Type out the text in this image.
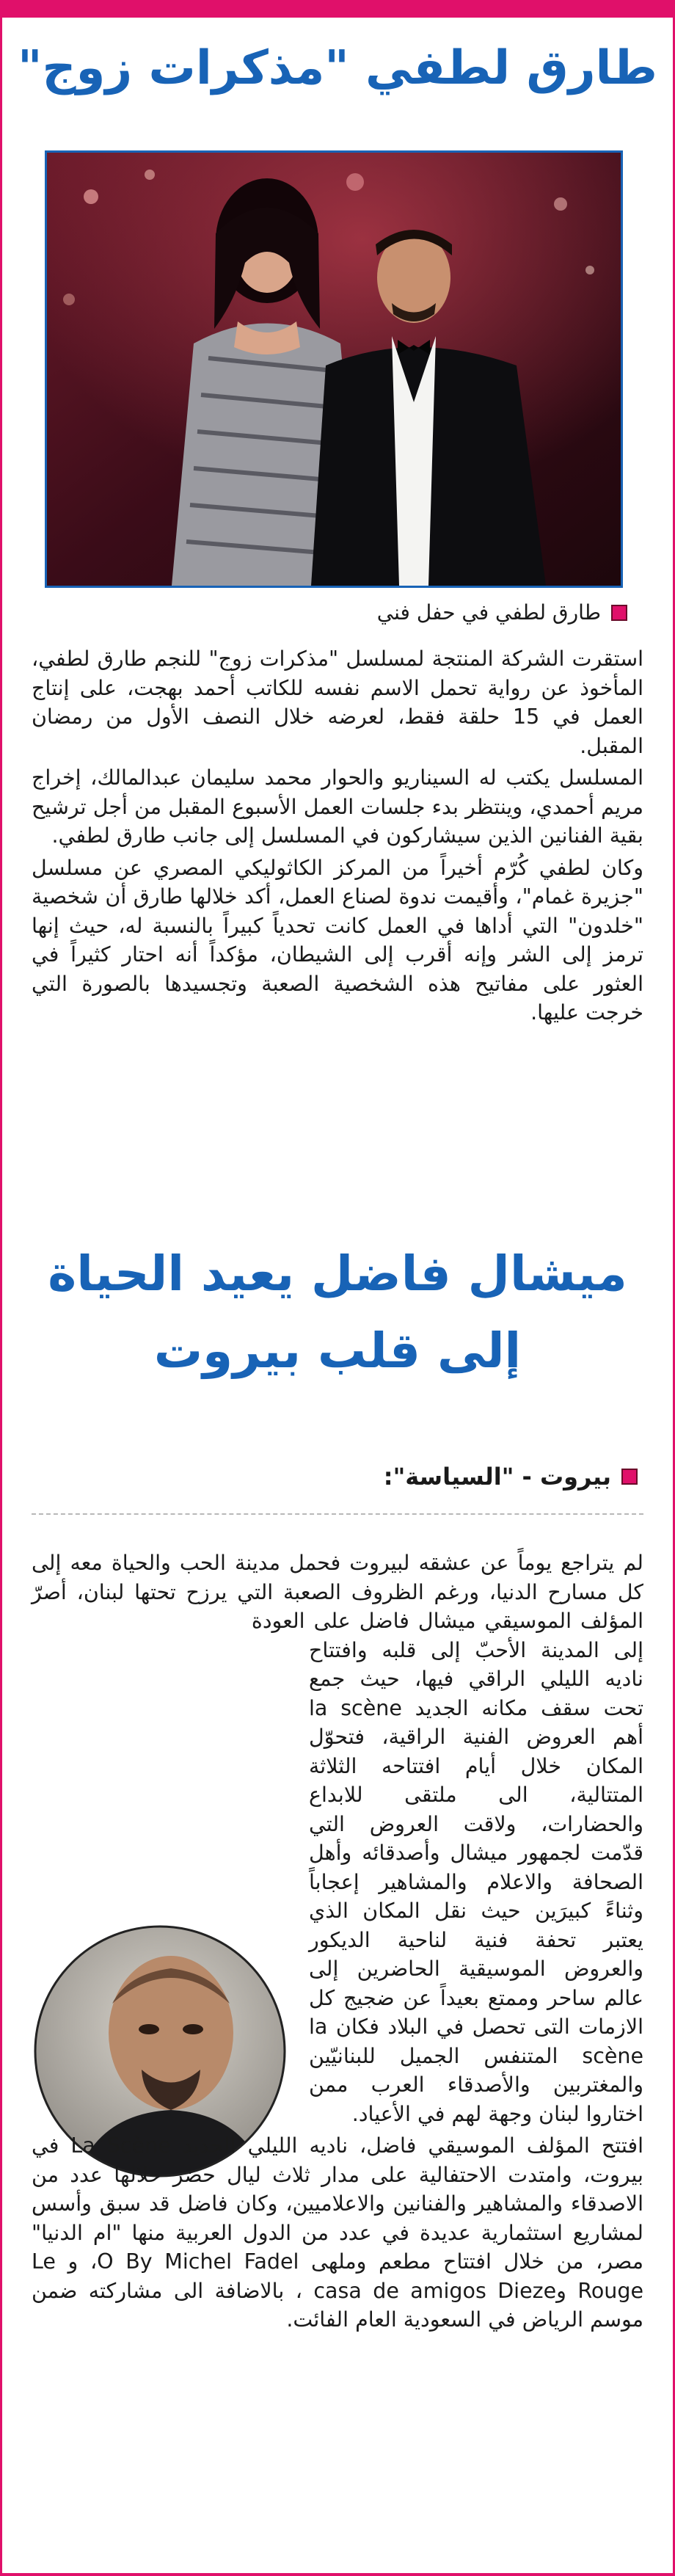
طارق لطفي "مذكرات زوج"
طارق لطفي في حفل فني

استقرت الشركة المنتجة لمسلسل "مذكرات زوج" للنجم طارق لطفي، المأخوذ عن رواية تحمل الاسم نفسه للكاتب أحمد بهجت، على إنتاج العمل في 15 حلقة فقط، لعرضه خلال النصف الأول من رمضان المقبل.

المسلسل يكتب له السيناريو والحوار محمد سليمان عبدالمالك، إخراج مريم أحمدي، وينتظر بدء جلسات العمل الأسبوع المقبل من أجل ترشيح بقية الفنانين الذين سيشاركون في المسلسل إلى جانب طارق لطفي.

وكان لطفي كُرّم أخيراً من المركز الكاثوليكي المصري عن مسلسل "جزيرة غمام"، وأقيمت ندوة لصناع العمل، أكد خلالها طارق أن شخصية "خلدون" التي أداها في العمل كانت تحدياً كبيراً بالنسبة له، حيث إنها ترمز إلى الشر وإنه أقرب إلى الشيطان، مؤكداً أنه احتار كثيراً في العثور على مفاتيح هذه الشخصية الصعبة وتجسيدها بالصورة التي خرجت عليها.

ميشال فاضل يعيد الحياة
إلى قلب بيروت
بيروت - "السياسة":

لم يتراجع يوماً عن عشقه لبيروت فحمل مدينة الحب والحياة معه إلى كل مسارح الدنيا، ورغم الظروف الصعبة التي يرزح تحتها لبنان، أصرّ المؤلف الموسيقي ميشال فاضل على العودة إلى المدينة الأحبّ إلى قلبه وافتتاح ناديه الليلي الراقي فيها، حيث جمع تحت سقف مكانه الجديد la scène أهم العروض الفنية الراقية، فتحوّل المكان خلال أيام افتتاحه الثلاثة المتتالية، الى ملتقى للابداع والحضارات، ولاقت العروض التي قدّمت لجمهور ميشال وأصدقائه وأهل الصحافة والاعلام والمشاهير إعجاباً وثناءً كبيرَين حيث نقل المكان الذي يعتبر تحفة فنية لناحية الديكور والعروض الموسيقية الحاضرين إلى عالم ساحر وممتع بعيداً عن ضجيج كل الازمات التى تحصل في البلاد فكان la scène المتنفس الجميل للبنانيّين والمغتربين والأصدقاء العرب ممن اختاروا لبنان وجهة لهم في الأعياد.

افتتح المؤلف الموسيقي فاضل، ناديه الليلي الجديد La Scène في بيروت، وامتدت الاحتفالية على مدار ثلاث ليال حضر خلالها عدد من الاصدقاء والمشاهير والفنانين والاعلاميين، وكان فاضل قد سبق وأسس لمشاريع استثمارية عديدة في عدد من الدول العربية منها "ام الدنيا" مصر، من خلال افتتاح مطعم وملهى O By Michel Fadel، و Le Rouge وcasa de amigos Dieze ، بالاضافة الى مشاركته ضمن موسم الرياض في السعودية العام الفائت.
